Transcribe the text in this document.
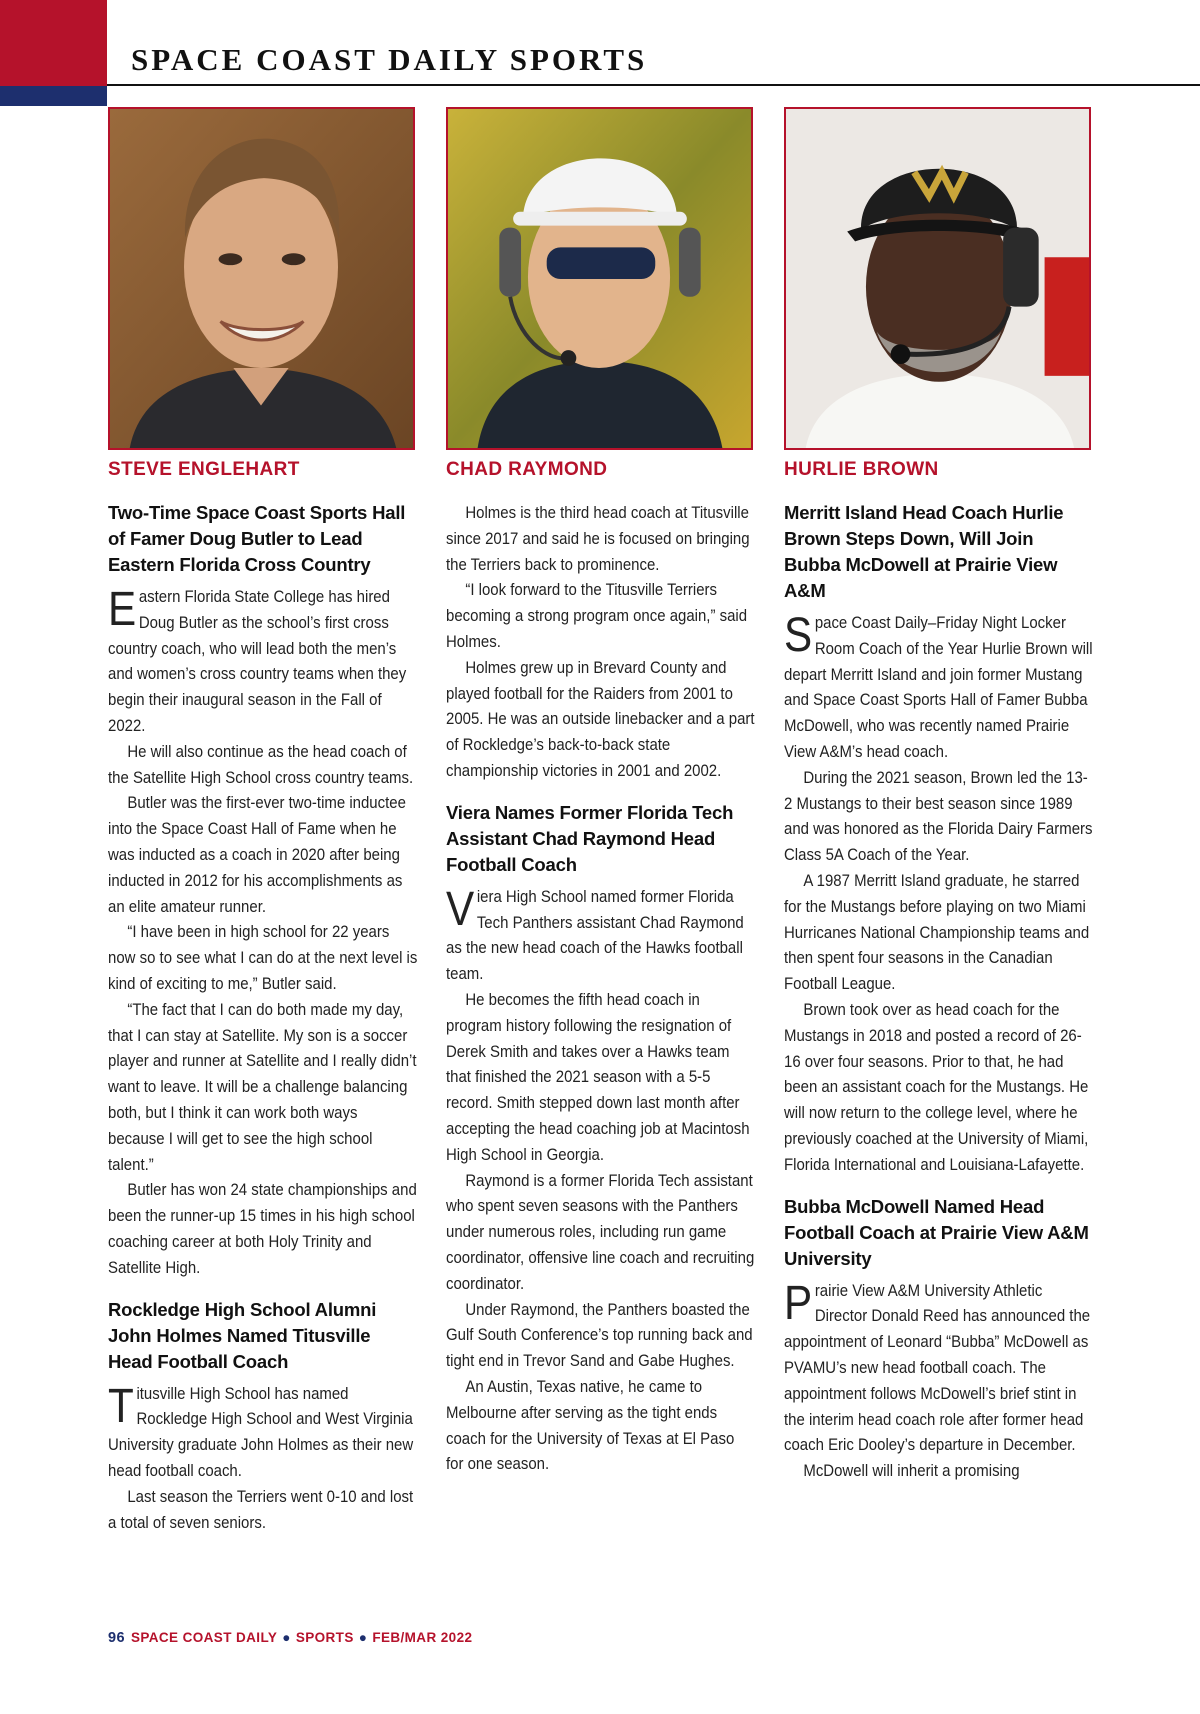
SPACE COAST DAILY SPORTS
STEVE ENGLEHART
Two-Time Space Coast Sports Hall of Famer Doug Butler to Lead Eastern Florida Cross Country

Eastern Florida State College has hired Doug Butler as the school’s first cross country coach, who will lead both the men’s and women’s cross country teams when they begin their inaugural season in the Fall of 2022.

He will also continue as the head coach of the Satellite High School cross country teams.

Butler was the first-ever two-time inductee into the Space Coast Hall of Fame when he was inducted as a coach in 2020 after being inducted in 2012 for his accomplishments as an elite amateur runner.

“I have been in high school for 22 years now so to see what I can do at the next level is kind of exciting to me,” Butler said.

“The fact that I can do both made my day, that I can stay at Satellite. My son is a soccer player and runner at Satellite and I really didn’t want to leave. It will be a challenge balancing both, but I think it can work both ways because I will get to see the high school talent.”

Butler has won 24 state championships and been the runner-up 15 times in his high school coaching career at both Holy Trinity and Satellite High.

Rockledge High School Alumni John Holmes Named Titusville Head Football Coach

Titusville High School has named Rockledge High School and West Virginia University graduate John Holmes as their new head football coach.

Last season the Terriers went 0-10 and lost a total of seven seniors.

CHAD RAYMOND

Holmes is the third head coach at Titusville since 2017 and said he is focused on bringing the Terriers back to prominence.

“I look forward to the Titusville Terriers becoming a strong program once again,” said Holmes.

Holmes grew up in Brevard County and played football for the Raiders from 2001 to 2005. He was an outside linebacker and a part of Rockledge’s back-to-back state championship victories in 2001 and 2002.

Viera Names Former Florida Tech Assistant Chad Raymond Head Football Coach

Viera High School named former Florida Tech Panthers assistant Chad Raymond as the new head coach of the Hawks football team.

He becomes the fifth head coach in program history following the resignation of Derek Smith and takes over a Hawks team that finished the 2021 season with a 5-5 record. Smith stepped down last month after accepting the head coaching job at Macintosh High School in Georgia.

Raymond is a former Florida Tech assistant who spent seven seasons with the Panthers under numerous roles, including run game coordinator, offensive line coach and recruiting coordinator.

Under Raymond, the Panthers boasted the Gulf South Conference’s top running back and tight end in Trevor Sand and Gabe Hughes.

An Austin, Texas native, he came to Melbourne after serving as the tight ends coach for the University of Texas at El Paso for one season.

HURLIE BROWN
Merritt Island Head Coach Hurlie Brown Steps Down, Will Join Bubba McDowell at Prairie View A&M

Space Coast Daily–Friday Night Locker Room Coach of the Year Hurlie Brown will depart Merritt Island and join former Mustang and Space Coast Sports Hall of Famer Bubba McDowell, who was recently named Prairie View A&M’s head coach.

During the 2021 season, Brown led the 13-2 Mustangs to their best season since 1989 and was honored as the Florida Dairy Farmers Class 5A Coach of the Year.

A 1987 Merritt Island graduate, he starred for the Mustangs before playing on two Miami Hurricanes National Championship teams and then spent four seasons in the Canadian Football League.

Brown took over as head coach for the Mustangs in 2018 and posted a record of 26-16 over four seasons. Prior to that, he had been an assistant coach for the Mustangs. He will now return to the college level, where he previously coached at the University of Miami, Florida International and Louisiana-Lafayette.

Bubba McDowell Named Head Football Coach at Prairie View A&M University

Prairie View A&M University Athletic Director Donald Reed has announced the appointment of Leonard “Bubba” McDowell as PVAMU’s new head football coach. The appointment follows McDowell’s brief stint in the interim head coach role after former head coach Eric Dooley’s departure in December.

McDowell will inherit a promising

96 SPACE COAST DAILY ● SPORTS ● FEB/MAR 2022
